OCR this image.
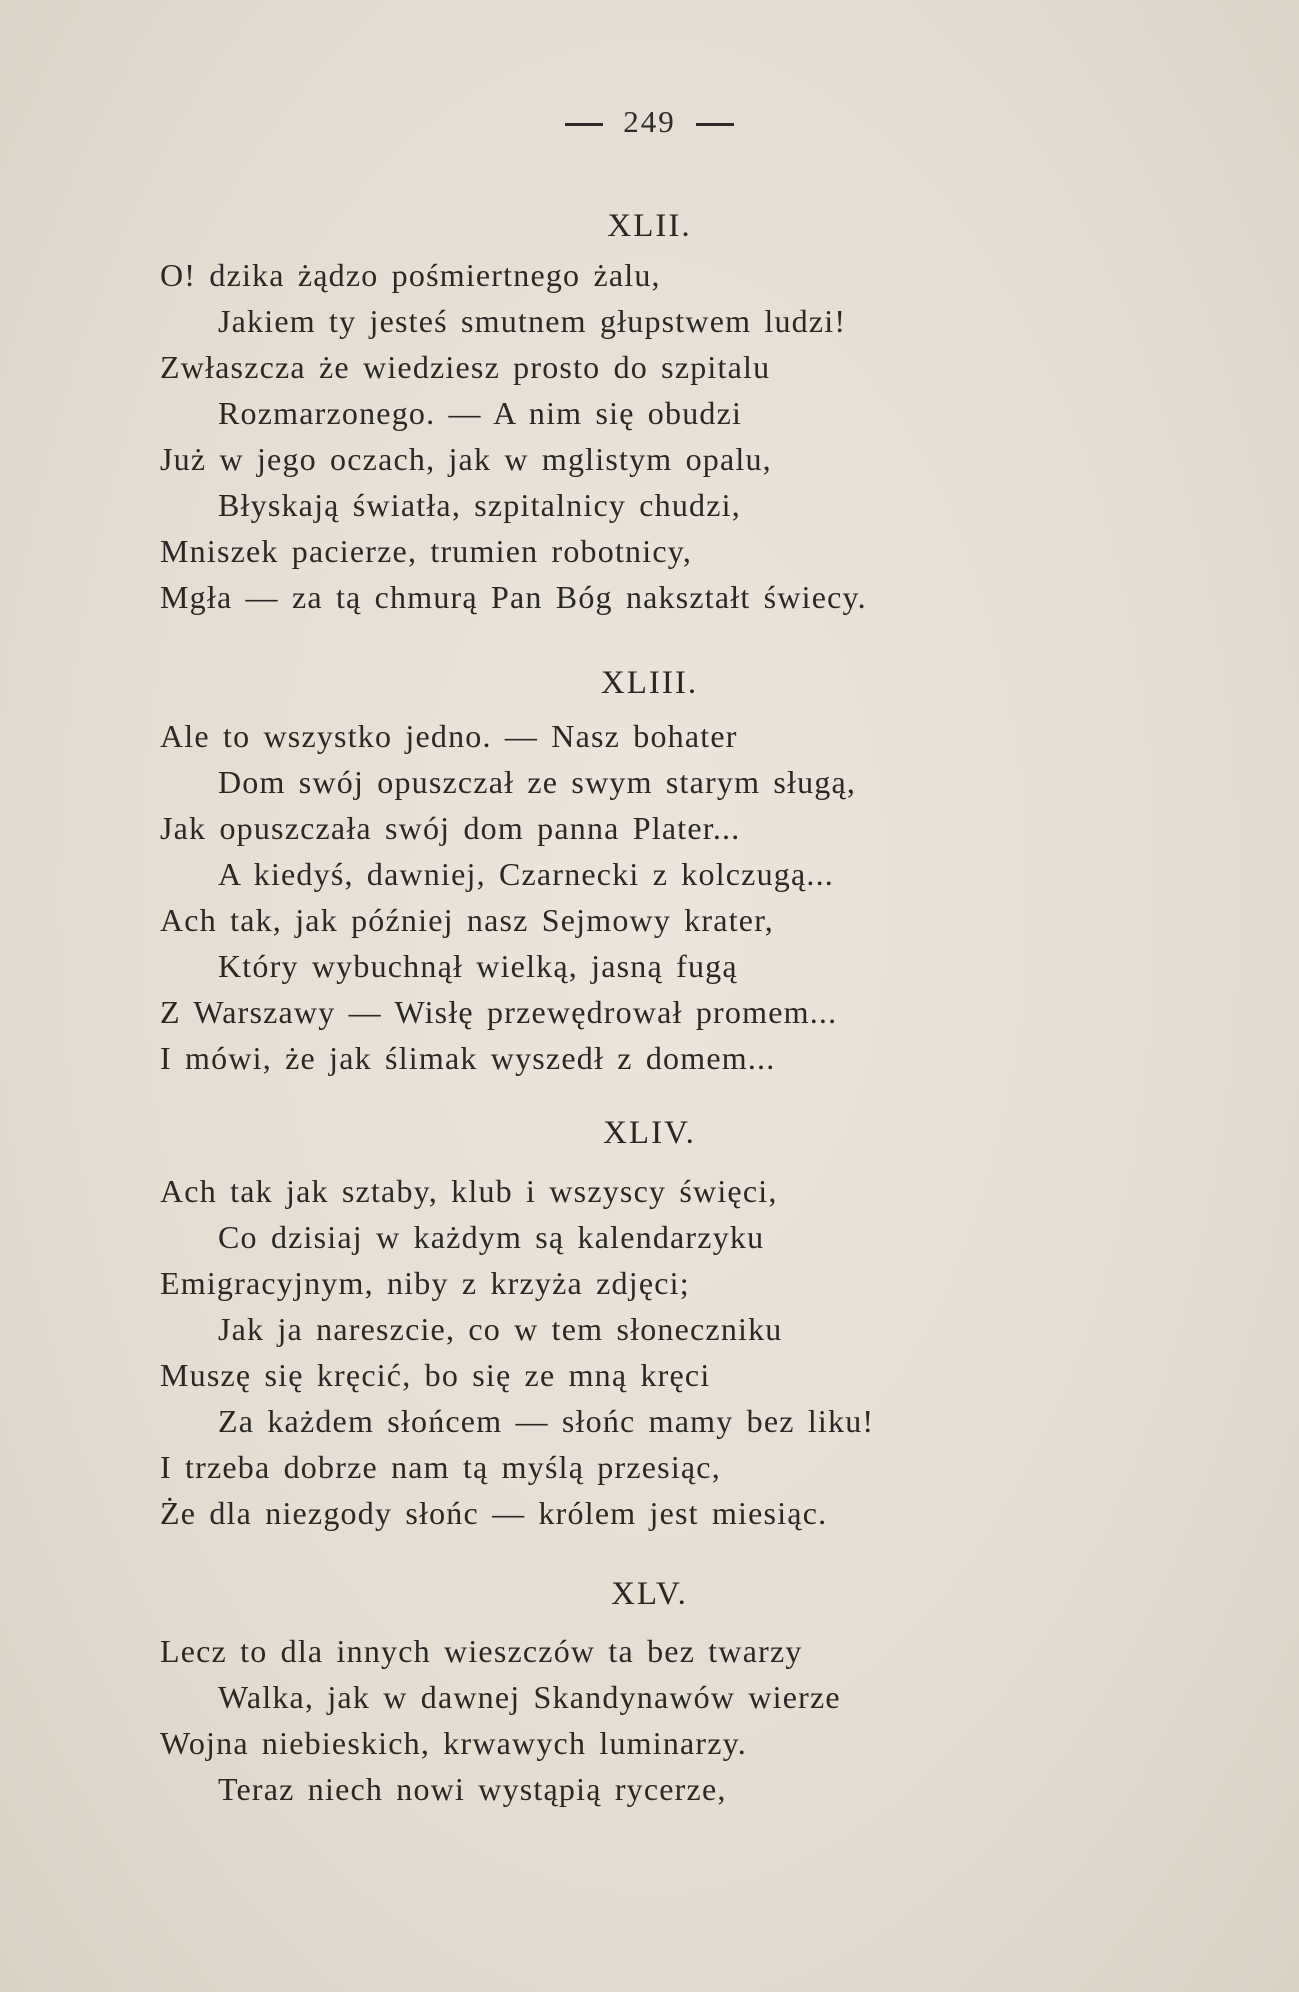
249
XLII.
O! dzika żądzo pośmiertnego żalu,
Jakiem ty jesteś smutnem głupstwem ludzi!
Zwłaszcza że wiedziesz prosto do szpitalu
Rozmarzonego. — A nim się obudzi
Już w jego oczach, jak w mglistym opalu,
Błyskają światła, szpitalnicy chudzi,
Mniszek pacierze, trumien robotnicy,
Mgła — za tą chmurą Pan Bóg nakształt świecy.
XLIII.
Ale to wszystko jedno. — Nasz bohater
Dom swój opuszczał ze swym starym sługą,
Jak opuszczała swój dom panna Plater...
A kiedyś, dawniej, Czarnecki z kolczugą...
Ach tak, jak później nasz Sejmowy krater,
Który wybuchnął wielką, jasną fugą
Z Warszawy — Wisłę przewędrował promem...
I mówi, że jak ślimak wyszedł z domem...
XLIV.
Ach tak jak sztaby, klub i wszyscy święci,
Co dzisiaj w każdym są kalendarzyku
Emigracyjnym, niby z krzyża zdjęci;
Jak ja nareszcie, co w tem słoneczniku
Muszę się kręcić, bo się ze mną kręci
Za każdem słońcem — słońc mamy bez liku!
I trzeba dobrze nam tą myślą przesiąc,
Że dla niezgody słońc — królem jest miesiąc.
XLV.
Lecz to dla innych wieszczów ta bez twarzy
Walka, jak w dawnej Skandynawów wierze
Wojna niebieskich, krwawych luminarzy.
Teraz niech nowi wystąpią rycerze,
